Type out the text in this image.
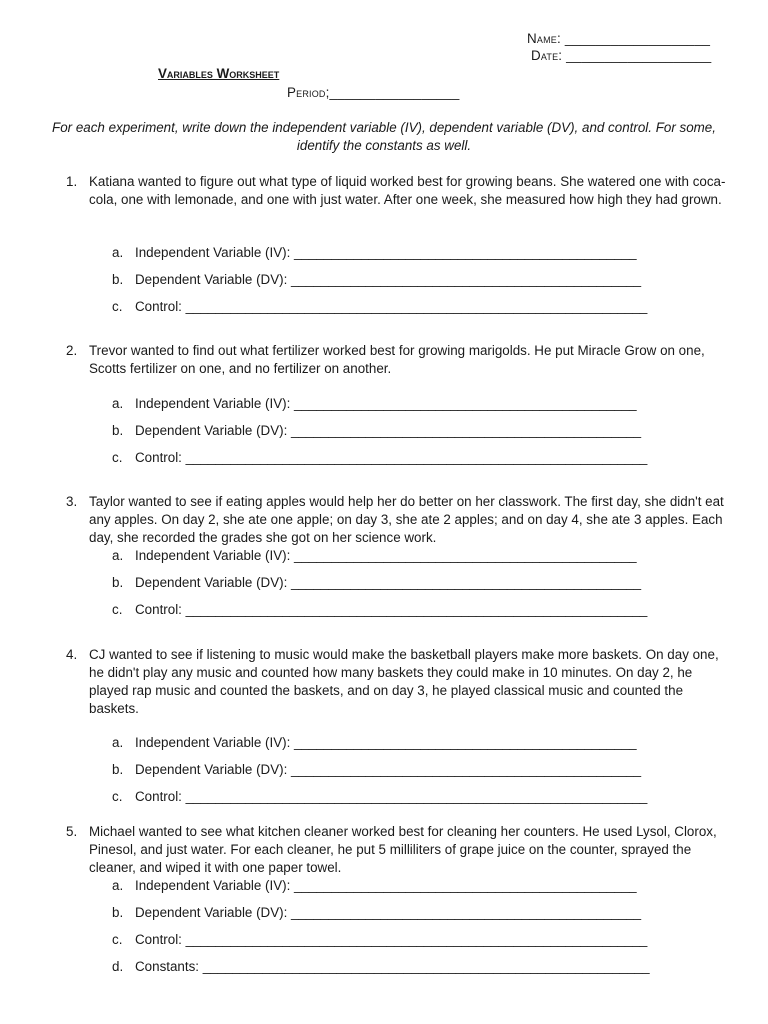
Name: ___________________
Date: ___________________
Variables Worksheet
Period;_________________
For each experiment, write down the independent variable (IV), dependent variable (DV), and control. For some, identify the constants as well.
1. Katiana wanted to figure out what type of liquid worked best for growing beans. She watered one with coca-cola, one with lemonade, and one with just water. After one week, she measured how high they had grown.
a. Independent Variable (IV): ______________________________________________
b. Dependent Variable (DV): _______________________________________________
c. Control: ______________________________________________________________
2. Trevor wanted to find out what fertilizer worked best for growing marigolds. He put Miracle Grow on one, Scotts fertilizer on one, and no fertilizer on another.
a. Independent Variable (IV): ______________________________________________
b. Dependent Variable (DV): _______________________________________________
c. Control: ______________________________________________________________
3. Taylor wanted to see if eating apples would help her do better on her classwork. The first day, she didn't eat any apples. On day 2, she ate one apple; on day 3, she ate 2 apples; and on day 4, she ate 3 apples. Each day, she recorded the grades she got on her science work.
a. Independent Variable (IV): ______________________________________________
b. Dependent Variable (DV): _______________________________________________
c. Control: ______________________________________________________________
4. CJ wanted to see if listening to music would make the basketball players make more baskets. On day one, he didn't play any music and counted how many baskets they could make in 10 minutes. On day 2, he played rap music and counted the baskets, and on day 3, he played classical music and counted the baskets.
a. Independent Variable (IV): ______________________________________________
b. Dependent Variable (DV): _______________________________________________
c. Control: ______________________________________________________________
5. Michael wanted to see what kitchen cleaner worked best for cleaning her counters. He used Lysol, Clorox, Pinesol, and just water. For each cleaner, he put 5 milliliters of grape juice on the counter, sprayed the cleaner, and wiped it with one paper towel.
a. Independent Variable (IV): ______________________________________________
b. Dependent Variable (DV): _______________________________________________
c. Control: ______________________________________________________________
d. Constants: ____________________________________________________________
